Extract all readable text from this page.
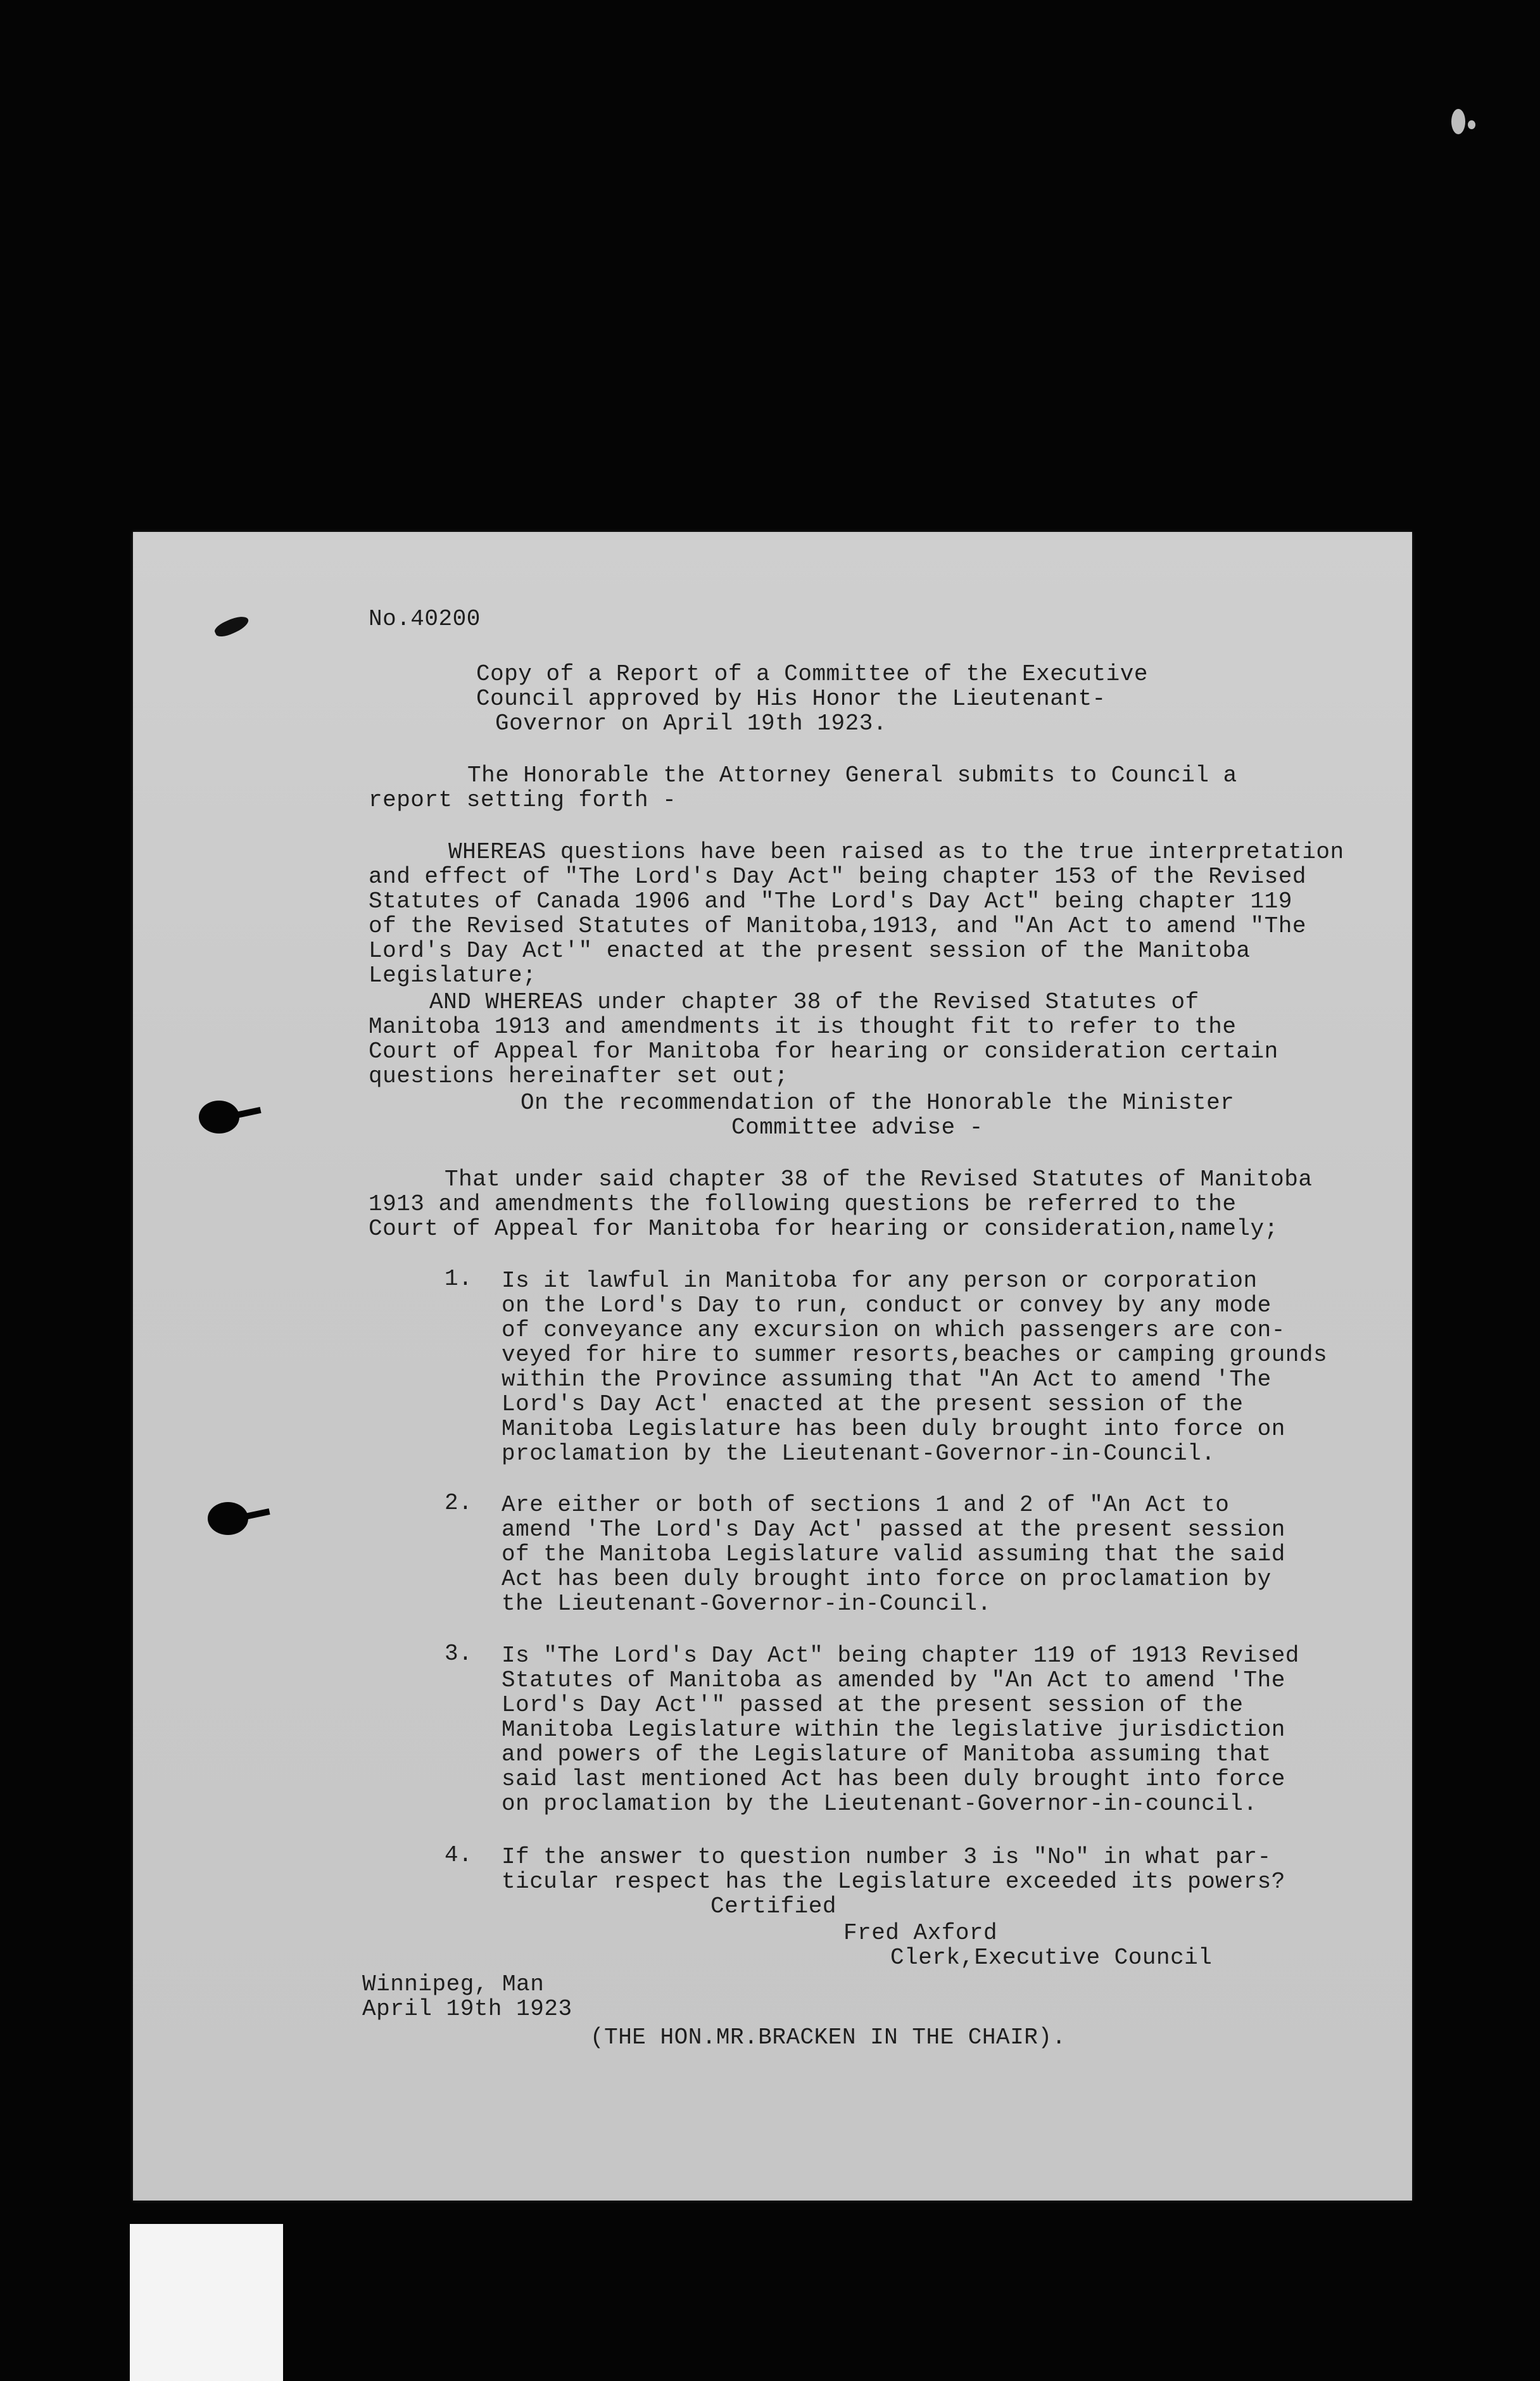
No.40200
Copy of a Report of a Committee of the Executive
Council approved by His Honor the Lieutenant-
Governor on April 19th 1923.
The Honorable the Attorney General submits to Council a
report setting forth -
WHEREAS questions have been raised as to the true interpretation
and effect of "The Lord's Day Act" being chapter 153 of the Revised
Statutes of Canada 1906 and "The Lord's Day Act" being chapter 119
of the Revised Statutes of Manitoba,1913, and "An Act to amend "The
Lord's Day Act'" enacted at the present session of the Manitoba
Legislature;
AND WHEREAS under chapter 38 of the Revised Statutes of
Manitoba 1913 and amendments it is thought fit to refer to the
Court of Appeal for Manitoba for hearing or consideration certain
questions hereinafter set out;
On the recommendation of the Honorable the Minister
Committee advise -
That under said chapter 38 of the Revised Statutes of Manitoba
1913 and amendments the following questions be referred to the
Court of Appeal for Manitoba for hearing or consideration,namely;
1. Is it lawful in Manitoba for any person or corporation
on the Lord's Day to run, conduct or convey by any mode
of conveyance any excursion on which passengers are con-
veyed for hire to summer resorts,beaches or camping grounds
within the Province assuming that "An Act to amend 'The
Lord's Day Act' enacted at the present session of the
Manitoba Legislature has been duly brought into force on
proclamation by the Lieutenant-Governor-in-Council.
2. Are either or both of sections 1 and 2 of "An Act to
amend 'The Lord's Day Act' passed at the present session
of the Manitoba Legislature valid assuming that the said
Act has been duly brought into force on proclamation by
the Lieutenant-Governor-in-Council.
3. Is "The Lord's Day Act" being chapter 119 of 1913 Revised
Statutes of Manitoba as amended by "An Act to amend 'The
Lord's Day Act'" passed at the present session of the
Manitoba Legislature within the legislative jurisdiction
and powers of the Legislature of Manitoba assuming that
said last mentioned Act has been duly brought into force
on proclamation by the Lieutenant-Governor-in-council.
4. If the answer to question number 3 is "No" in what par-
ticular respect has the Legislature exceeded its powers?
Certified
Fred Axford
Clerk,Executive Council
Winnipeg, Man
April 19th 1923
(THE HON.MR.BRACKEN IN THE CHAIR).
